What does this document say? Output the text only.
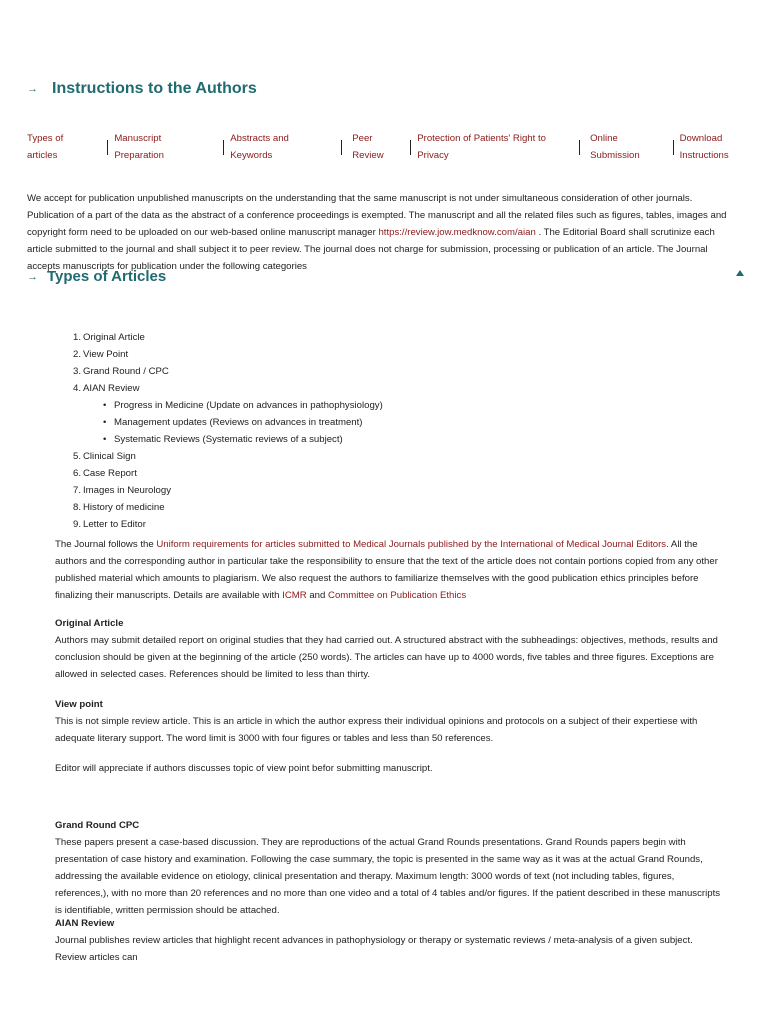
→ Instructions to the Authors
Types of articles
Manuscript Preparation
Abstracts and Keywords
Peer Review
Protection of Patients' Right to Privacy
Online Submission
Download Instructions
We accept for publication unpublished manuscripts on the understanding that the same manuscript is not under simultaneous consideration of other journals. Publication of a part of the data as the abstract of a conference proceedings is exempted. The manuscript and all the related files such as figures, tables, images and copyright form need to be uploaded on our web-based online manuscript manager https://review.jow.medknow.com/aian . The Editorial Board shall scrutinize each article submitted to the journal and shall subject it to peer review. The journal does not charge for submission, processing or publication of an article. The Journal accepts manuscripts for publication under the following categories
→ Types of Articles
1. Original Article
2. View Point
3. Grand Round / CPC
4. AIAN Review
• Progress in Medicine (Update on advances in pathophysiology)
• Management updates (Reviews on advances in treatment)
• Systematic Reviews (Systematic reviews of a subject)
5. Clinical Sign
6. Case Report
7. Images in Neurology
8. History of medicine
9. Letter to Editor
The Journal follows the Uniform requirements for articles submitted to Medical Journals published by the International of Medical Journal Editors. All the authors and the corresponding author in particular take the responsibility to ensure that the text of the article does not contain portions copied from any other published material which amounts to plagiarism. We also request the authors to familiarize themselves with the good publication ethics principles before finalizing their manuscripts. Details are available with ICMR and Committee on Publication Ethics
Original Article
Authors may submit detailed report on original studies that they had carried out. A structured abstract with the subheadings: objectives, methods, results and conclusion should be given at the beginning of the article (250 words). The articles can have up to 4000 words, five tables and three figures. Exceptions are allowed in selected cases. References should be limited to less than thirty.
View point
This is not simple review article. This is an article in which the author express their individual opinions and protocols on a subject of their expertiese with adequate literary support. The word limit is 3000 with four figures or tables and less than 50 references.
Editor will appreciate if authors discusses topic of view point befor submitting manuscript.
Grand Round CPC
These papers present a case-based discussion. They are reproductions of the actual Grand Rounds presentations. Grand Rounds papers begin with presentation of case history and examination. Following the case summary, the topic is presented in the same way as it was at the actual Grand Rounds, addressing the available evidence on etiology, clinical presentation and therapy. Maximum length: 3000 words of text (not including tables, figures, references,), with no more than 20 references and no more than one video and a total of 4 tables and/or figures. If the patient described in these manuscripts is identifiable, written permission should be attached.
AIAN Review
Journal publishes review articles that highlight recent advances in pathophysiology or therapy or systematic reviews / meta-analysis of a given subject. Review articles can
